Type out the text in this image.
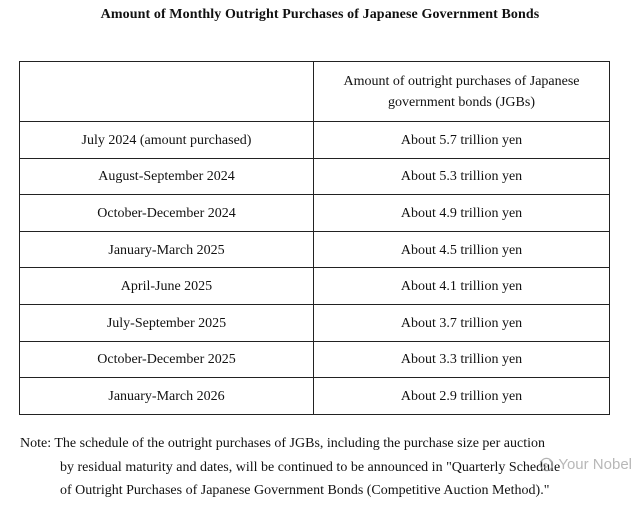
Amount of Monthly Outright Purchases of Japanese Government Bonds
	Amount of outright purchases of Japanese government bonds (JGBs)
July 2024 (amount purchased)	About 5.7 trillion yen
August-September 2024	About 5.3 trillion yen
October-December 2024	About 4.9 trillion yen
January-March 2025	About 4.5 trillion yen
April-June 2025	About 4.1 trillion yen
July-September 2025	About 3.7 trillion yen
October-December 2025	About 3.3 trillion yen
January-March 2026	About 2.9 trillion yen
Note: The schedule of the outright purchases of JGBs, including the purchase size per auction
by residual maturity and dates, will be continued to be announced in "Quarterly Schedule
of Outright Purchases of Japanese Government Bonds (Competitive Auction Method)."
Your Nobel
